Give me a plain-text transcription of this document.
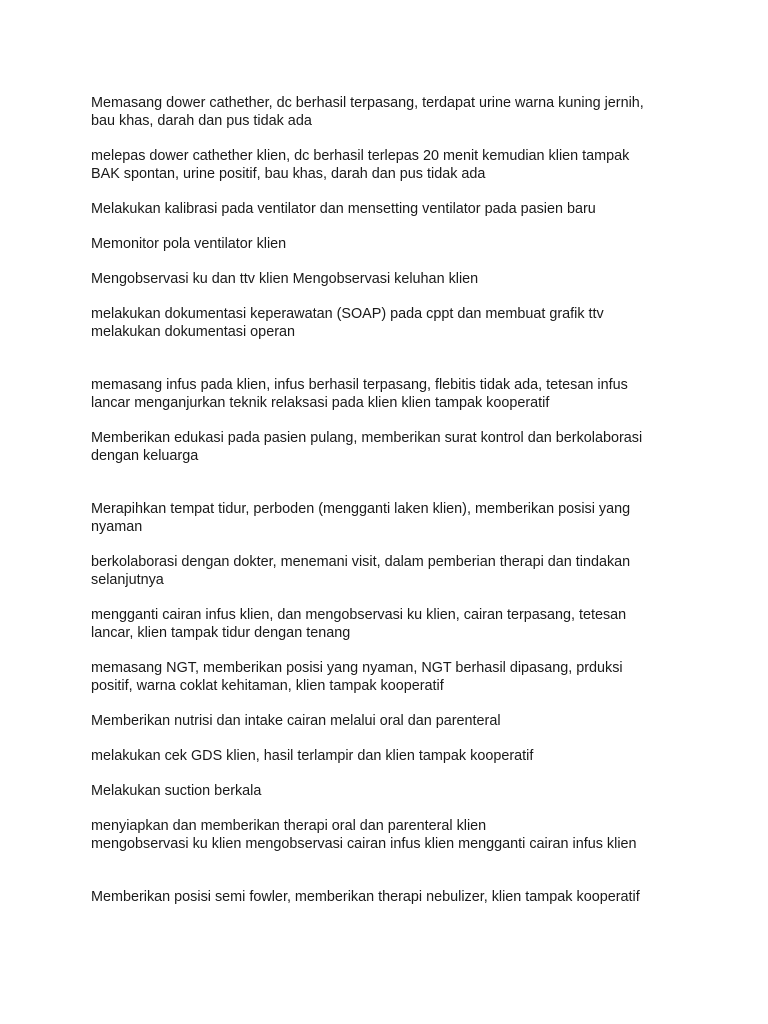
Memasang dower cathether, dc berhasil terpasang, terdapat urine warna kuning jernih,
bau khas, darah dan pus tidak ada

melepas dower cathether klien, dc berhasil terlepas 20 menit kemudian klien tampak
BAK spontan, urine positif, bau khas, darah dan pus tidak ada

Melakukan kalibrasi pada ventilator dan mensetting ventilator pada pasien baru

Memonitor pola ventilator klien

Mengobservasi ku dan ttv klien Mengobservasi keluhan klien

melakukan dokumentasi keperawatan (SOAP) pada cppt dan membuat grafik ttv
melakukan dokumentasi operan

memasang infus pada klien, infus berhasil terpasang, flebitis tidak ada, tetesan infus
lancar menganjurkan teknik relaksasi pada klien klien tampak kooperatif

Memberikan edukasi pada pasien pulang, memberikan surat kontrol dan berkolaborasi
dengan keluarga

Merapihkan tempat tidur, perboden (mengganti laken klien), memberikan posisi yang
nyaman

berkolaborasi dengan dokter, menemani visit, dalam pemberian therapi dan tindakan
selanjutnya

mengganti cairan infus klien, dan mengobservasi ku klien, cairan terpasang, tetesan
lancar, klien tampak tidur dengan tenang

memasang NGT, memberikan posisi yang nyaman, NGT berhasil dipasang, prduksi
positif, warna coklat kehitaman, klien tampak kooperatif

Memberikan nutrisi dan intake cairan melalui oral dan parenteral

melakukan cek GDS klien, hasil terlampir dan klien tampak kooperatif

Melakukan suction berkala

menyiapkan dan memberikan therapi oral dan parenteral klien
mengobservasi ku klien mengobservasi cairan infus klien mengganti cairan infus klien

Memberikan posisi semi fowler, memberikan therapi nebulizer, klien tampak kooperatif
